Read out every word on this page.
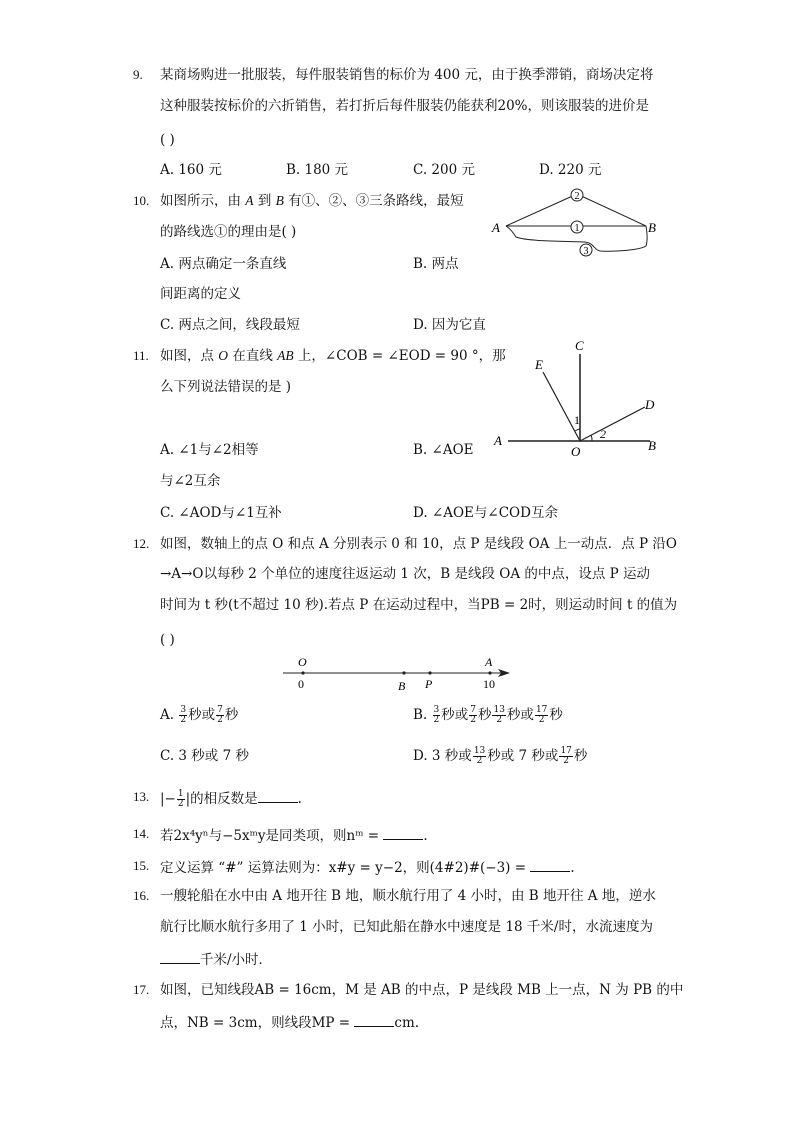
9. 某商场购进一批服装，每件服装销售的标价为 400 元，由于换季滞销，商场决定将
这种服装按标价的六折销售，若打折后每件服装仍能获利20%，则该服装的进价是
( )
A. 160 元	B. 180 元	C. 200 元	D. 220 元
10. 如图所示，由 A 到 B 有①、②、③三条路线，最短
的路线选①的理由是( )
A. 两点确定一条直线	B. 两点
间距离的定义
C. 两点之间，线段最短	D. 因为它直
2
1
3
A	B
11. 如图，点 O 在直线 AB 上，∠COB = ∠EOD = 90 °，那
么下列说法错误的是 )
A. ∠1与∠2相等	B. ∠AOE
与∠2互余
C. ∠AOD与∠1互补	D. ∠AOE与∠COD互余
1
2
C
E
D
A
O	B
12. 如图，数轴上的点 O 和点 A 分别表示 0 和 10，点 P 是线段 OA 上一动点．点 P 沿O
→A→O以每秒 2 个单位的速度往返运动 1 次，B 是线段 OA 的中点，设点 P 运动
时间为 t 秒(t不超过 10 秒).若点 P 在运动过程中，当PB = 2时，则运动时间 t 的值为
( )
O
0	B P
A
10
A. $\frac{3}{2}$ 秒或 $\frac{7}{2}$ 秒	B. $\frac{3}{2}$ 秒或 $\frac{7}{2}$ 秒 $\frac{13}{2}$ 秒或 $\frac{17}{2}$ 秒
C. 3 秒或 7 秒	D. 3 秒或 $\frac{13}{2}$ 秒或 7 秒或 $\frac{17}{2}$ 秒
13. |− $\frac{1}{2}$ |的相反数是	.
14. 若2x⁴yⁿ与−5xᵐy是同类项，则nᵐ =	.
15. 定义运算 “#” 运算法则为：x#y = y−2，则(4#2)#(−3) =	.
16. 一艘轮船在水中由 A 地开往 B 地，顺水航行用了 4 小时，由 B 地开往 A 地，逆水
航行比顺水航行多用了 1 小时，已知此船在静水中速度是 18 千米/时，水流速度为
千米/小时．
17. 如图，已知线段AB = 16cm，M 是 AB 的中点，P 是线段 MB 上一点，N 为 PB 的中
点，NB = 3cm，则线段MP =	cm.
